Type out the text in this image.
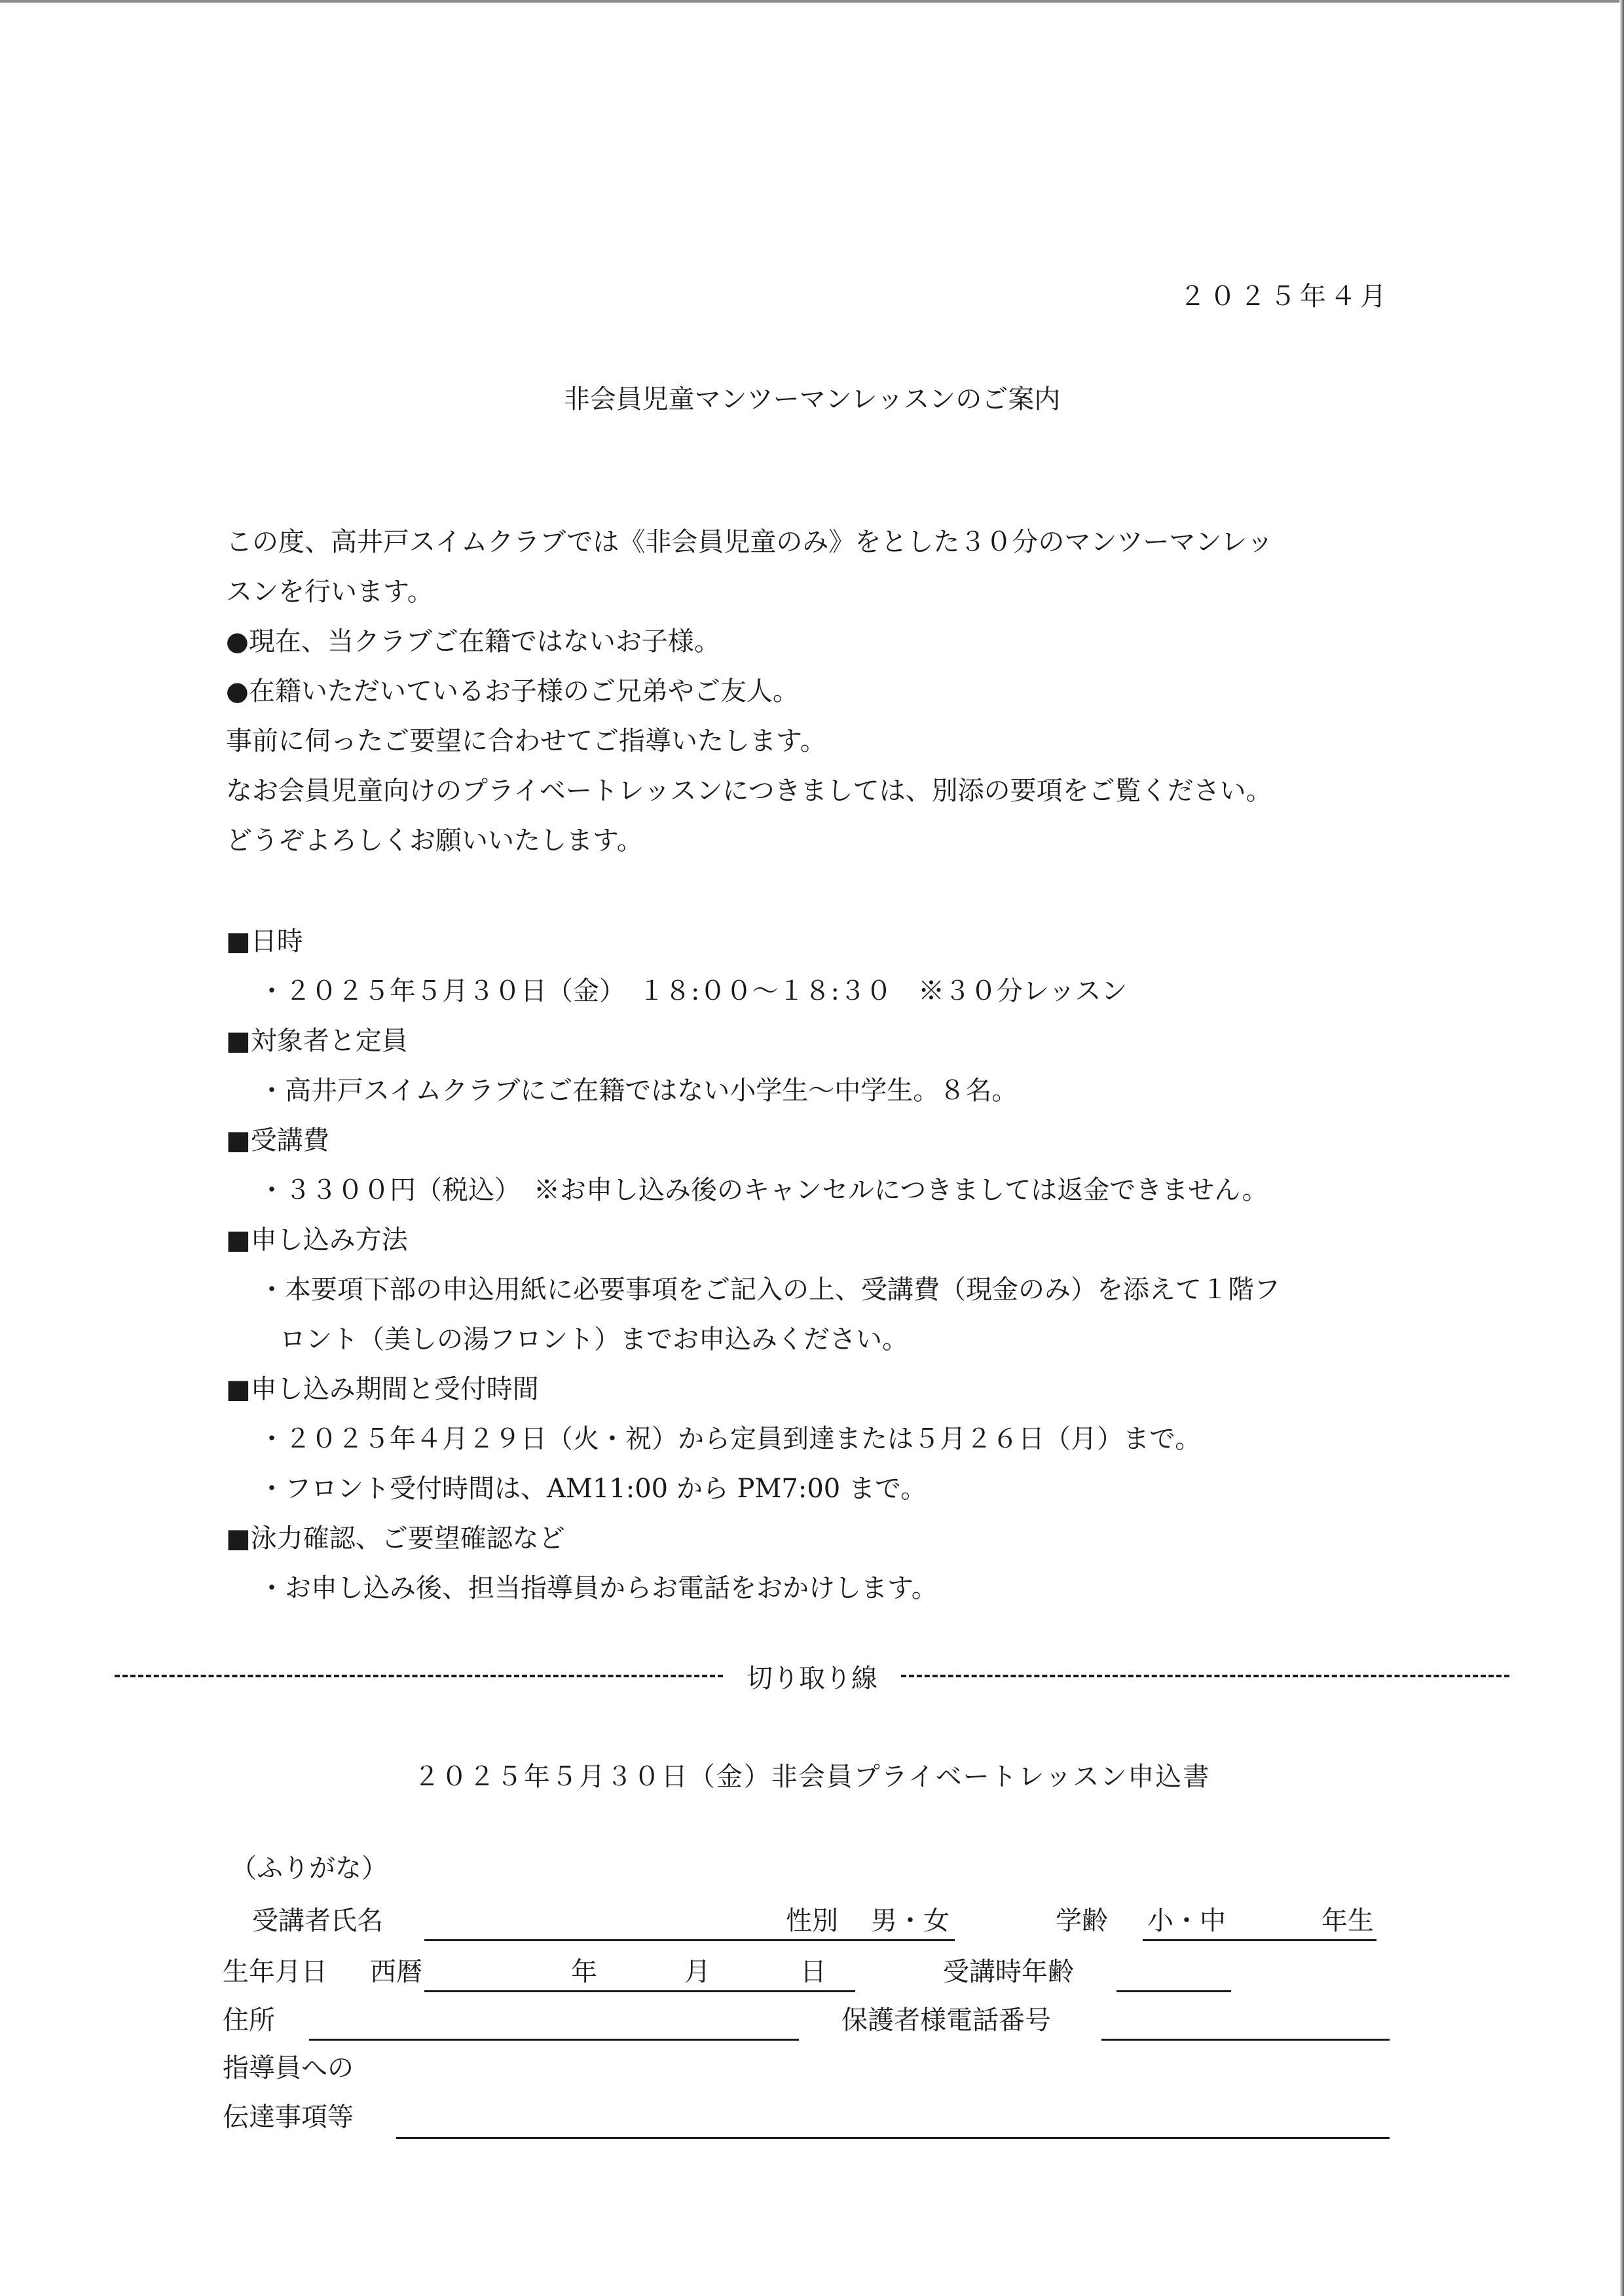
２０２５年４月
非会員児童マンツーマンレッスンのご案内
この度、高井戸スイムクラブでは《非会員児童のみ》をとした３０分のマンツーマンレッ
スンを行います。
●現在、当クラブご在籍ではないお子様。
●在籍いただいているお子様のご兄弟やご友人。
事前に伺ったご要望に合わせてご指導いたします。
なお会員児童向けのプライベートレッスンにつきましては、別添の要項をご覧ください。
どうぞよろしくお願いいたします。
■日時
・２０２５年５月３０日（金）　１８:００～１８:３０　※３０分レッスン
■対象者と定員
・高井戸スイムクラブにご在籍ではない小学生～中学生。８名。
■受講費
・３３００円（税込）　※お申し込み後のキャンセルにつきましては返金できません。
■申し込み方法
・本要項下部の申込用紙に必要事項をご記入の上、受講費（現金のみ）を添えて１階フ
ロント（美しの湯フロント）までお申込みください。
■申し込み期間と受付時間
・２０２５年４月２９日（火・祝）から定員到達または５月２６日（月）まで。
・フロント受付時間は、AM11:00 から PM7:00 まで。
■泳力確認、ご要望確認など
・お申し込み後、担当指導員からお電話をおかけします。
切り取り線
２０２５年５月３０日（金）非会員プライベートレッスン申込書
（ふりがな）
受講者氏名	性別 男・女	学齢 小・中	年生
生年月日 西暦	年	月	日	受講時年齢
住所	保護者様電話番号
指導員への
伝達事項等
